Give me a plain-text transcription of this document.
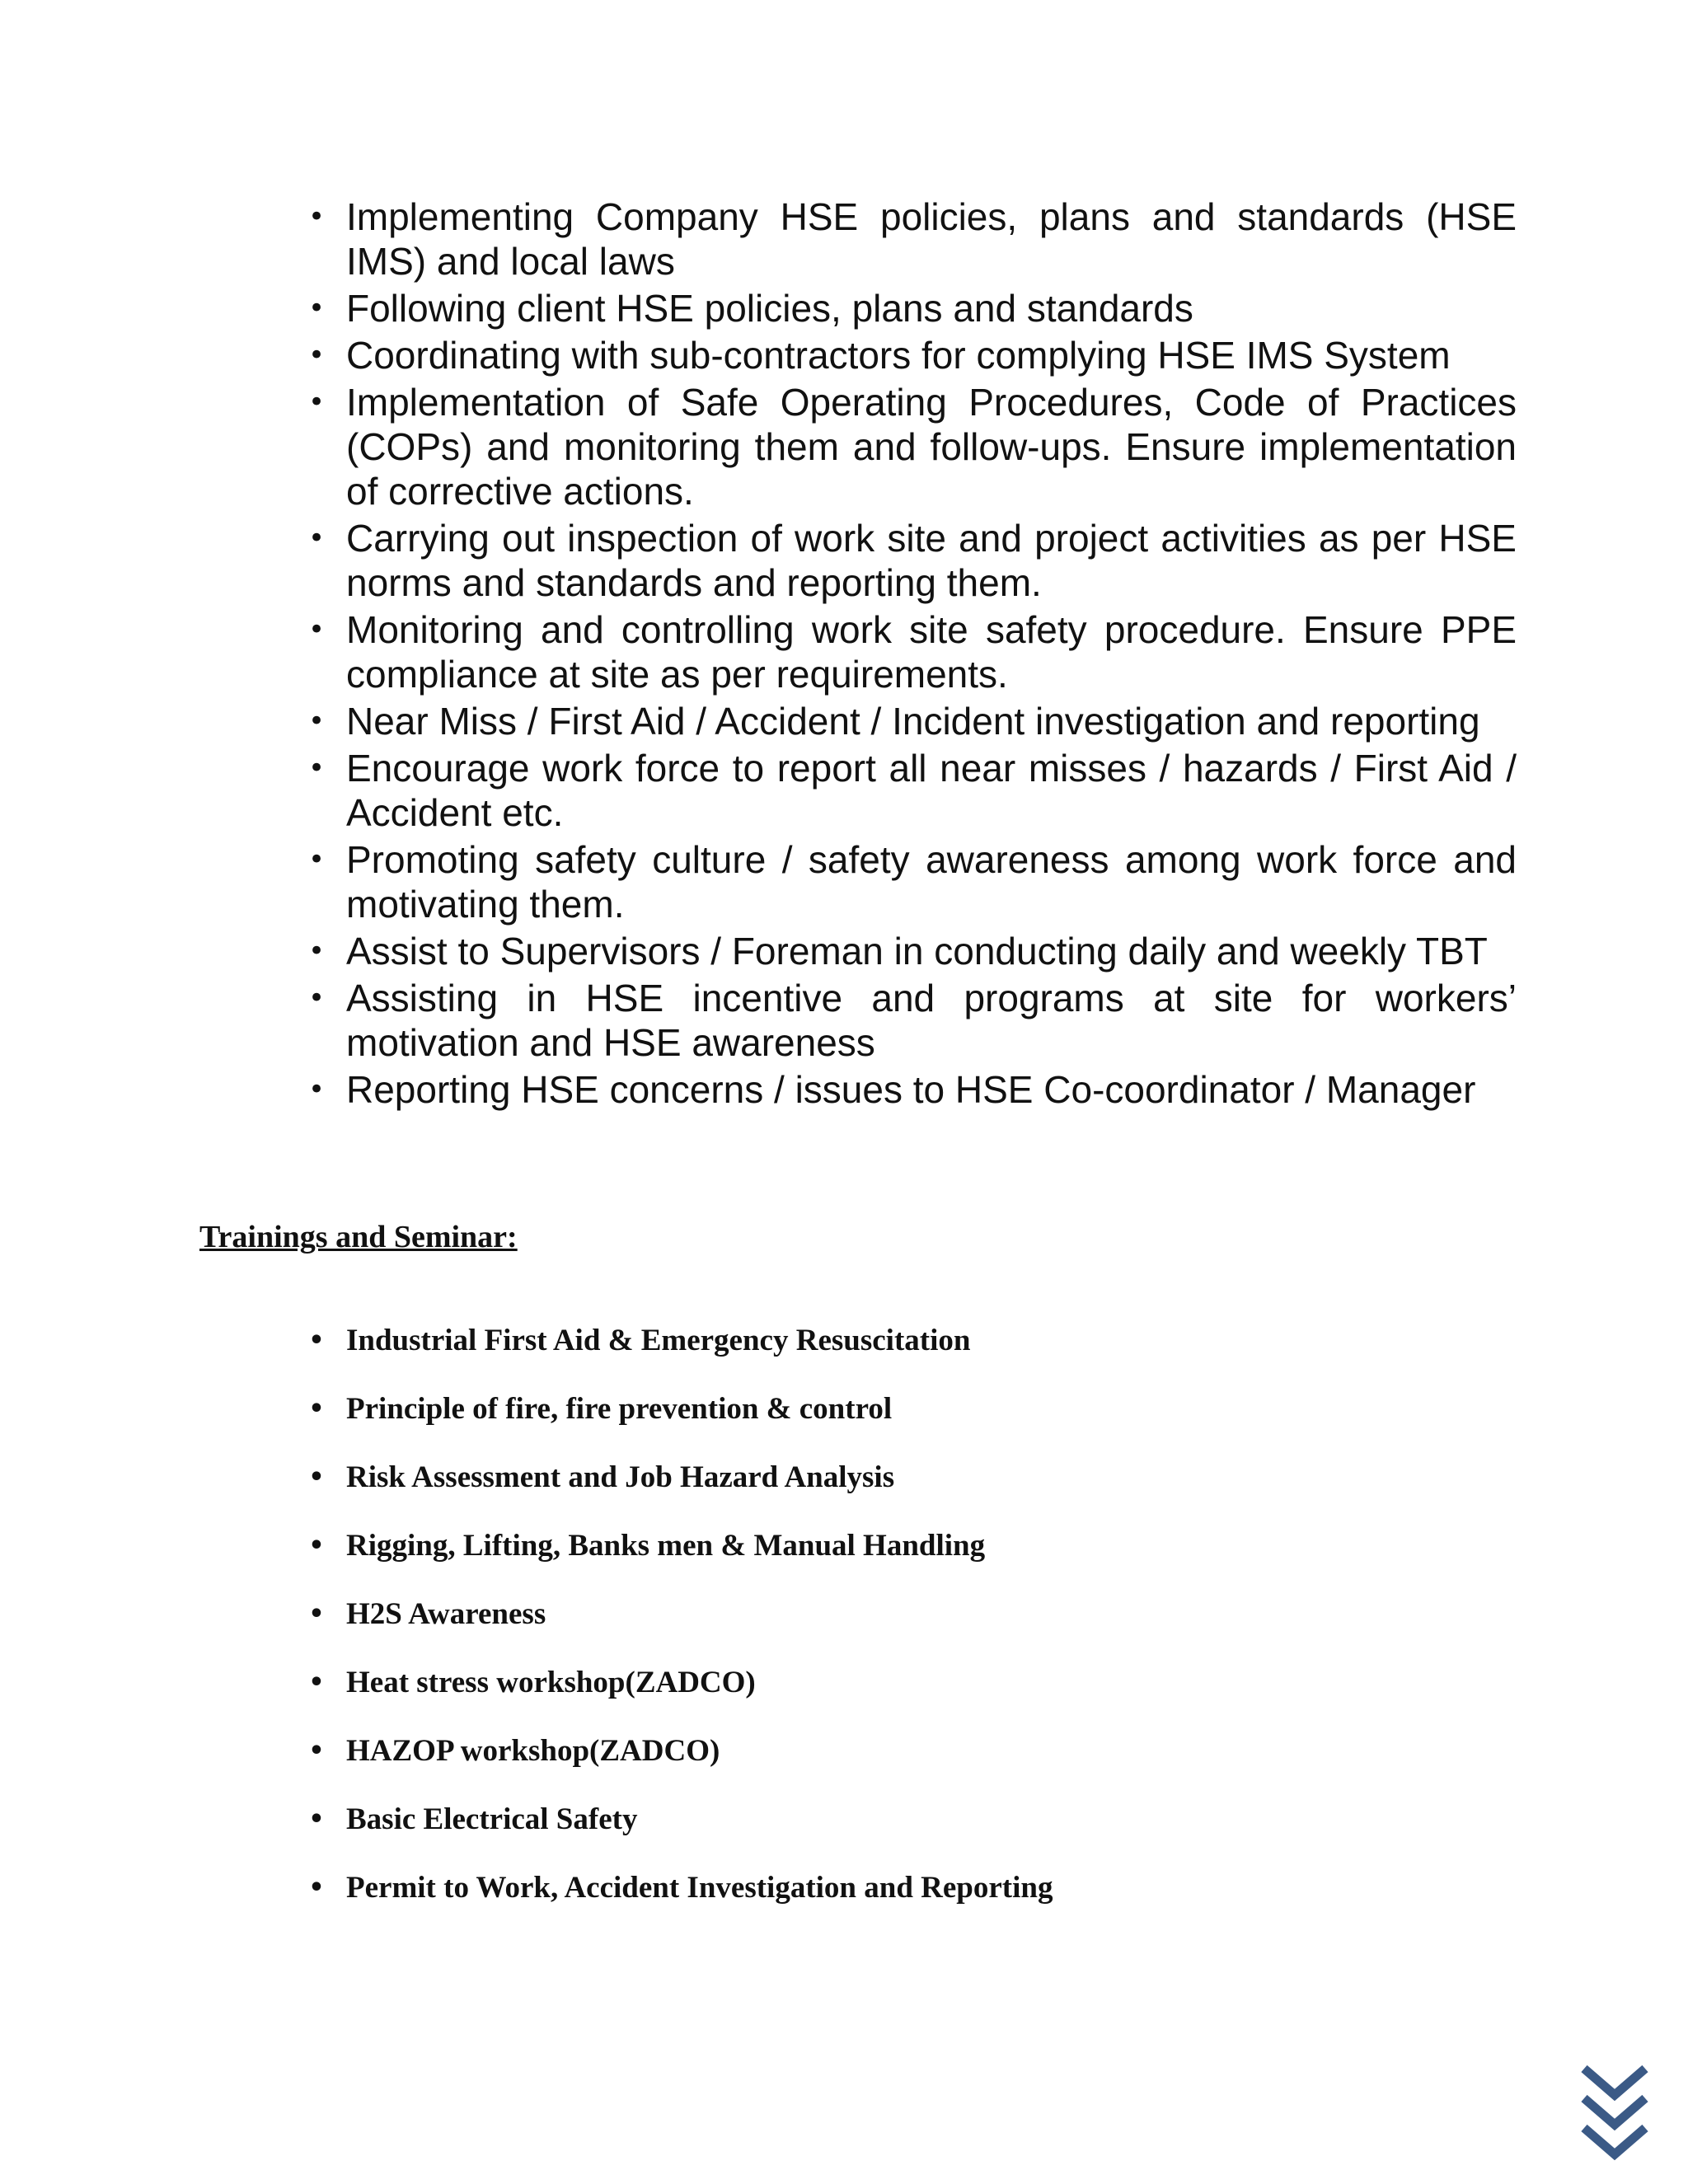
• Implementing Company HSE policies, plans and standards (HSE IMS) and local laws
• Following client HSE policies, plans and standards
• Coordinating with sub-contractors for complying HSE IMS System
• Implementation of Safe Operating Procedures, Code of Practices (COPs) and monitoring them and follow-ups. Ensure implementation of corrective actions.
• Carrying out inspection of work site and project activities as per HSE norms and standards and reporting them.
• Monitoring and controlling work site safety procedure. Ensure PPE compliance at site as per requirements.
• Near Miss / First Aid / Accident / Incident investigation and reporting
• Encourage work force to report all near misses / hazards / First Aid / Accident etc.
• Promoting safety culture / safety awareness among work force and motivating them.
• Assist to Supervisors / Foreman in conducting daily and weekly TBT
• Assisting in HSE incentive and programs at site for workers’ motivation and HSE awareness
• Reporting HSE concerns / issues to HSE Co-coordinator / Manager
Trainings and Seminar:
• Industrial First Aid & Emergency Resuscitation
• Principle of fire, fire prevention & control
• Risk Assessment and Job Hazard Analysis
• Rigging, Lifting, Banks men & Manual Handling
• H2S Awareness
• Heat stress workshop(ZADCO)
• HAZOP workshop(ZADCO)
• Basic Electrical Safety
• Permit to Work, Accident Investigation and Reporting
